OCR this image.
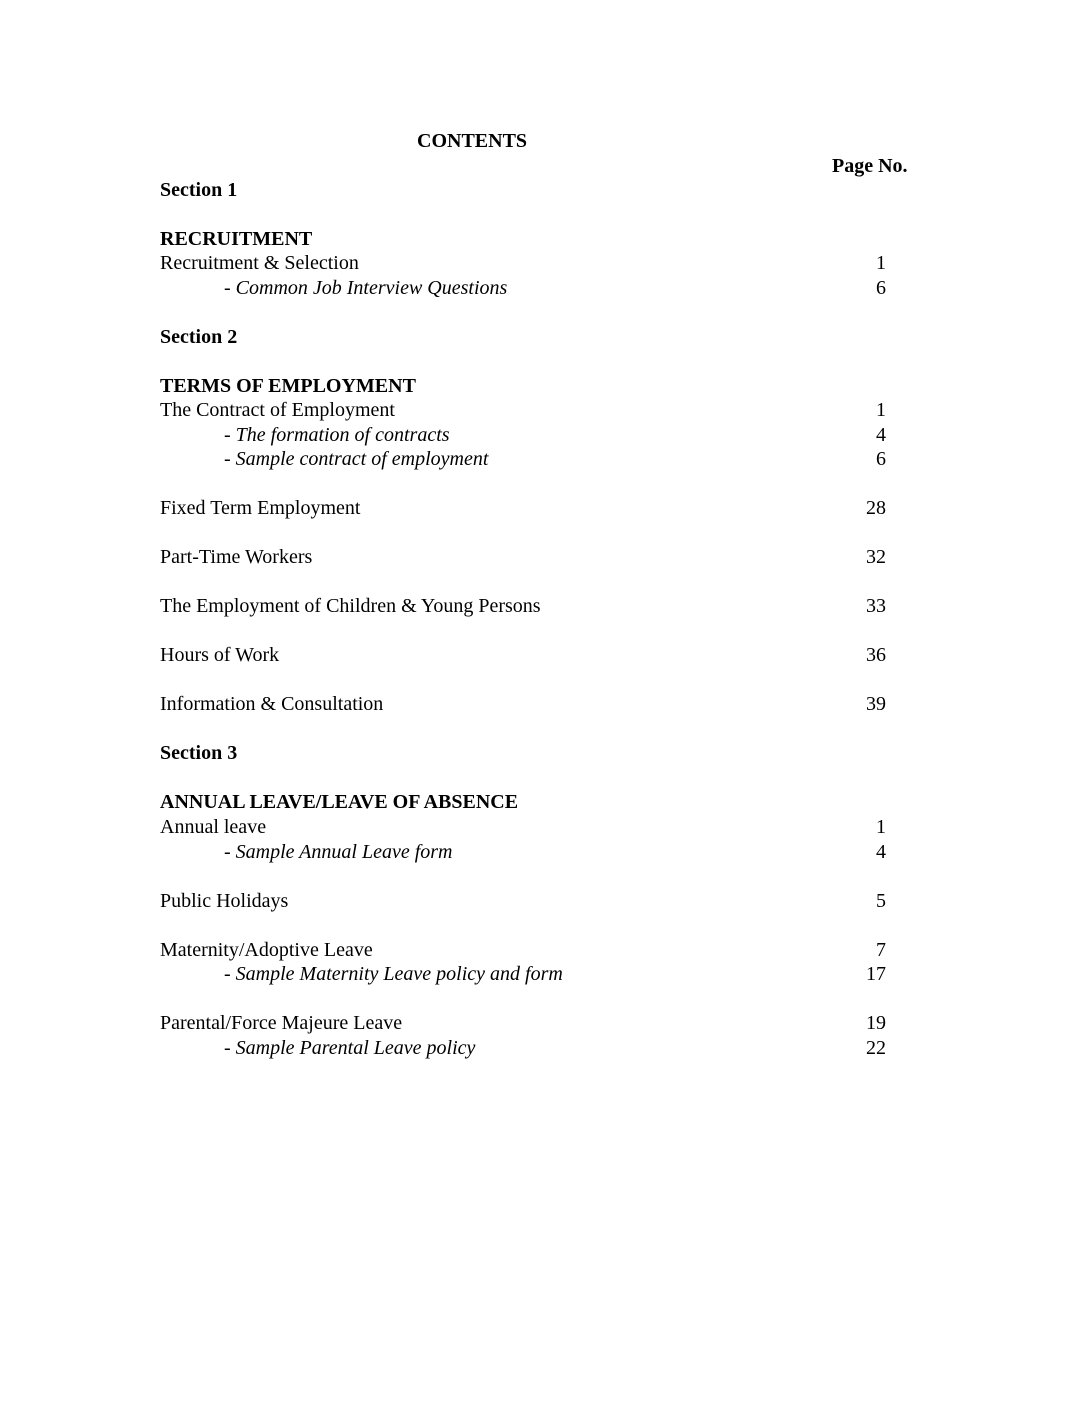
CONTENTS
Page No.
Section 1
RECRUITMENT
Recruitment & Selection	1
- Common Job Interview Questions	6
Section 2
TERMS OF EMPLOYMENT
The Contract of Employment	1
- The formation of contracts	4
- Sample contract of employment	6
Fixed Term Employment	28
Part-Time Workers	32
The Employment of Children & Young Persons	33
Hours of Work	36
Information & Consultation	39
Section 3
ANNUAL LEAVE/LEAVE OF ABSENCE
Annual leave	1
- Sample Annual Leave form	4
Public Holidays	5
Maternity/Adoptive Leave	7
- Sample Maternity Leave policy and form	17
Parental/Force Majeure Leave	19
- Sample Parental Leave policy	22
